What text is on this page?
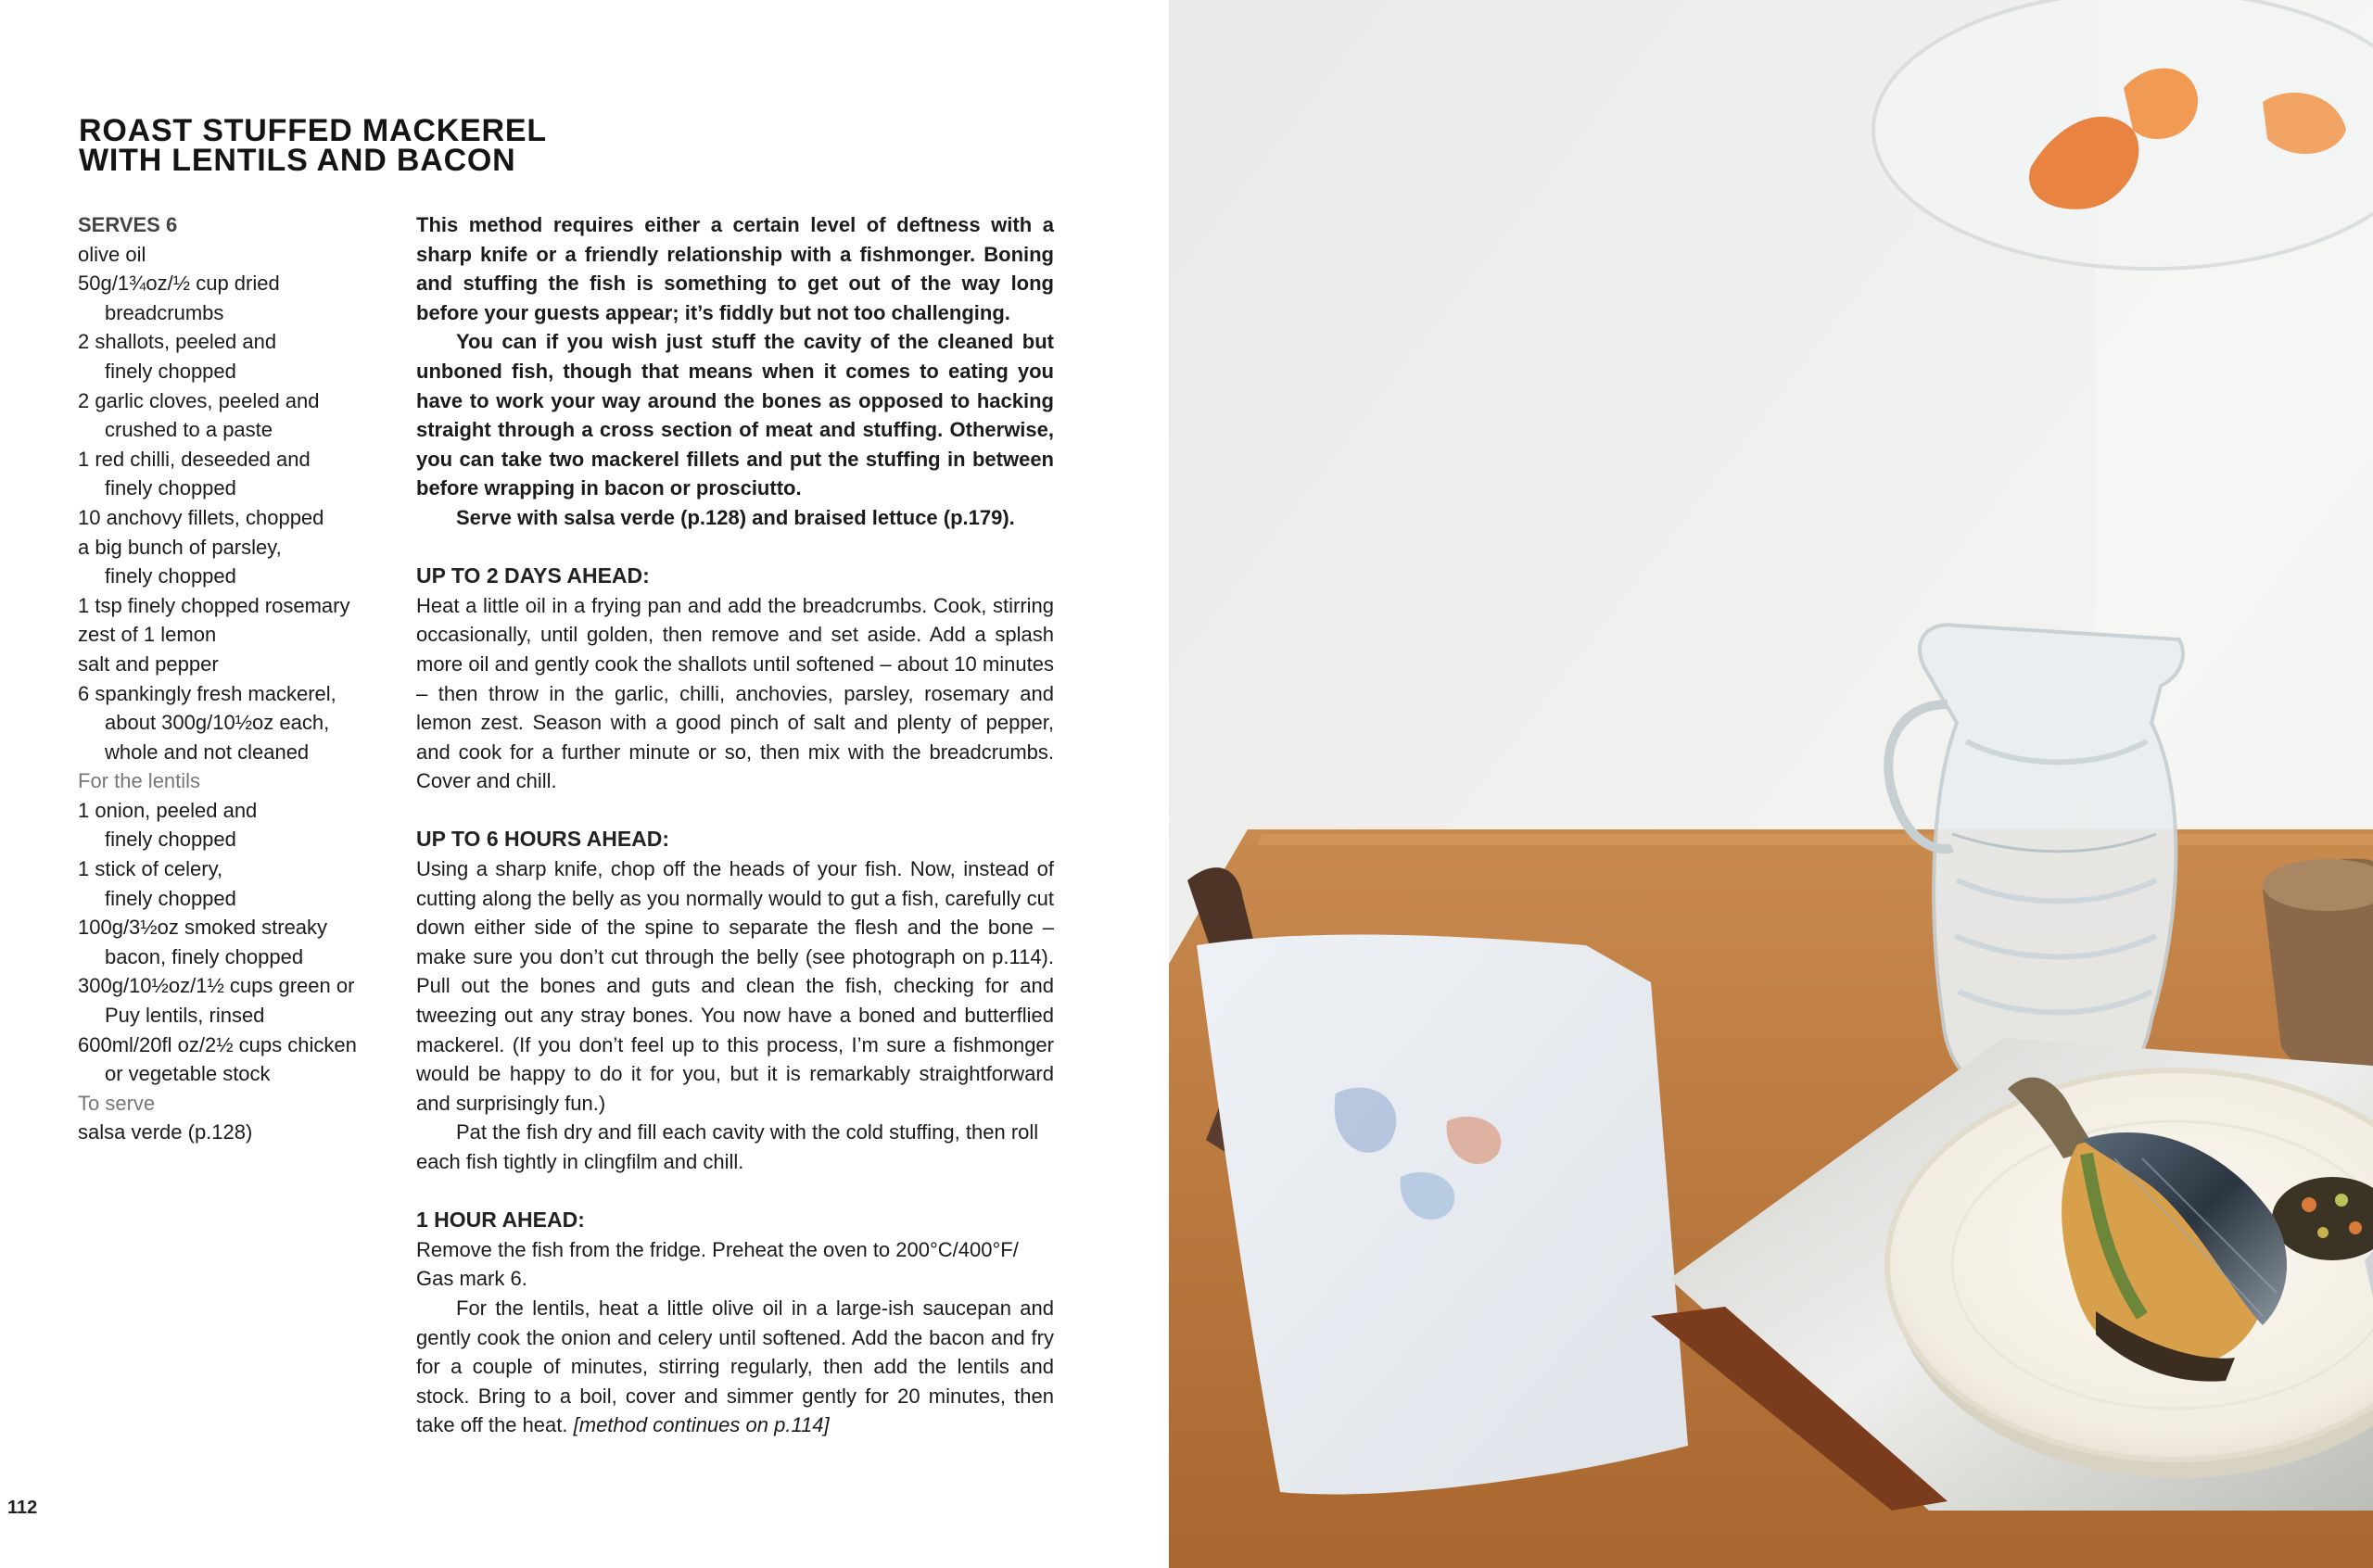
ROAST STUFFED MACKEREL
WITH LENTILS AND BACON
SERVES 6
olive oil
50g/1¾oz/½ cup dried
breadcrumbs
2 shallots, peeled and
finely chopped
2 garlic cloves, peeled and
crushed to a paste
1 red chilli, deseeded and
finely chopped
10 anchovy fillets, chopped
a big bunch of parsley,
finely chopped
1 tsp finely chopped rosemary
zest of 1 lemon
salt and pepper
6 spankingly fresh mackerel,
about 300g/10½oz each,
whole and not cleaned
For the lentils
1 onion, peeled and
finely chopped
1 stick of celery,
finely chopped
100g/3½oz smoked streaky
bacon, finely chopped
300g/10½oz/1½ cups green or
Puy lentils, rinsed
600ml/20fl oz/2½ cups chicken
or vegetable stock
To serve
salsa verde (p.128)

This method requires either a certain level of deftness with a sharp knife or a friendly relationship with a fishmonger. Boning and stuffing the fish is something to get out of the way long before your guests appear; it’s fiddly but not too challenging.

You can if you wish just stuff the cavity of the cleaned but unboned fish, though that means when it comes to eating you have to work your way around the bones as opposed to hacking straight through a cross section of meat and stuffing. Otherwise, you can take two mackerel fillets and put the stuffing in between before wrapping in bacon or prosciutto.

Serve with salsa verde (p.128) and braised lettuce (p.179).

UP TO 2 DAYS AHEAD:

Heat a little oil in a frying pan and add the breadcrumbs. Cook, stirring occasionally, until golden, then remove and set aside. Add a splash more oil and gently cook the shallots until softened – about 10 minutes – then throw in the garlic, chilli, anchovies, parsley, rosemary and lemon zest. Season with a good pinch of salt and plenty of pepper, and cook for a further minute or so, then mix with the breadcrumbs. Cover and chill.

UP TO 6 HOURS AHEAD:

Using a sharp knife, chop off the heads of your fish. Now, instead of cutting along the belly as you normally would to gut a fish, carefully cut down either side of the spine to separate the flesh and the bone – make sure you don’t cut through the belly (see photograph on p.114). Pull out the bones and guts and clean the fish, checking for and tweezing out any stray bones. You now have a boned and butterflied mackerel. (If you don’t feel up to this process, I’m sure a fishmonger would be happy to do it for you, but it is remarkably straightforward and surprisingly fun.)

Pat the fish dry and fill each cavity with the cold stuffing, then roll each fish tightly in clingfilm and chill.

1 HOUR AHEAD:

Remove the fish from the fridge. Preheat the oven to 200°C/400°F/ Gas mark 6.

For the lentils, heat a little olive oil in a large-ish saucepan and gently cook the onion and celery until softened. Add the bacon and fry for a couple of minutes, stirring regularly, then add the lentils and stock. Bring to a boil, cover and simmer gently for 20 minutes, then take off the heat. [method continues on p.114]

112
